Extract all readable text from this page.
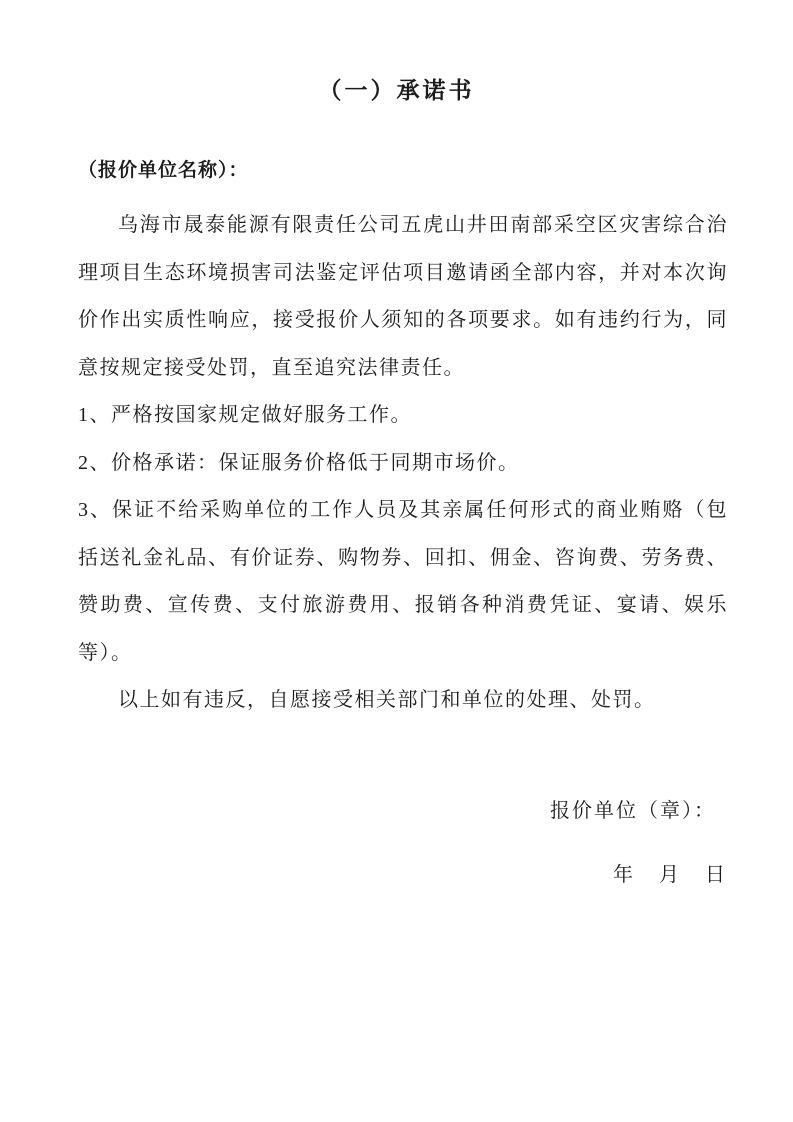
（一）承诺书

（报价单位名称）：

乌海市晟泰能源有限责任公司五虎山井田南部采空区灾害综合治理项目生态环境损害司法鉴定评估项目邀请函全部内容，并对本次询价作出实质性响应，接受报价人须知的各项要求。如有违约行为，同意按规定接受处罚，直至追究法律责任。

1、严格按国家规定做好服务工作。

2、价格承诺：保证服务价格低于同期市场价。

3、保证不给采购单位的工作人员及其亲属任何形式的商业贿赂（包括送礼金礼品、有价证券、购物券、回扣、佣金、咨询费、劳务费、赞助费、宣传费、支付旅游费用、报销各种消费凭证、宴请、娱乐等）。

以上如有违反，自愿接受相关部门和单位的处理、处罚。

报价单位（章）：

年　月　日
